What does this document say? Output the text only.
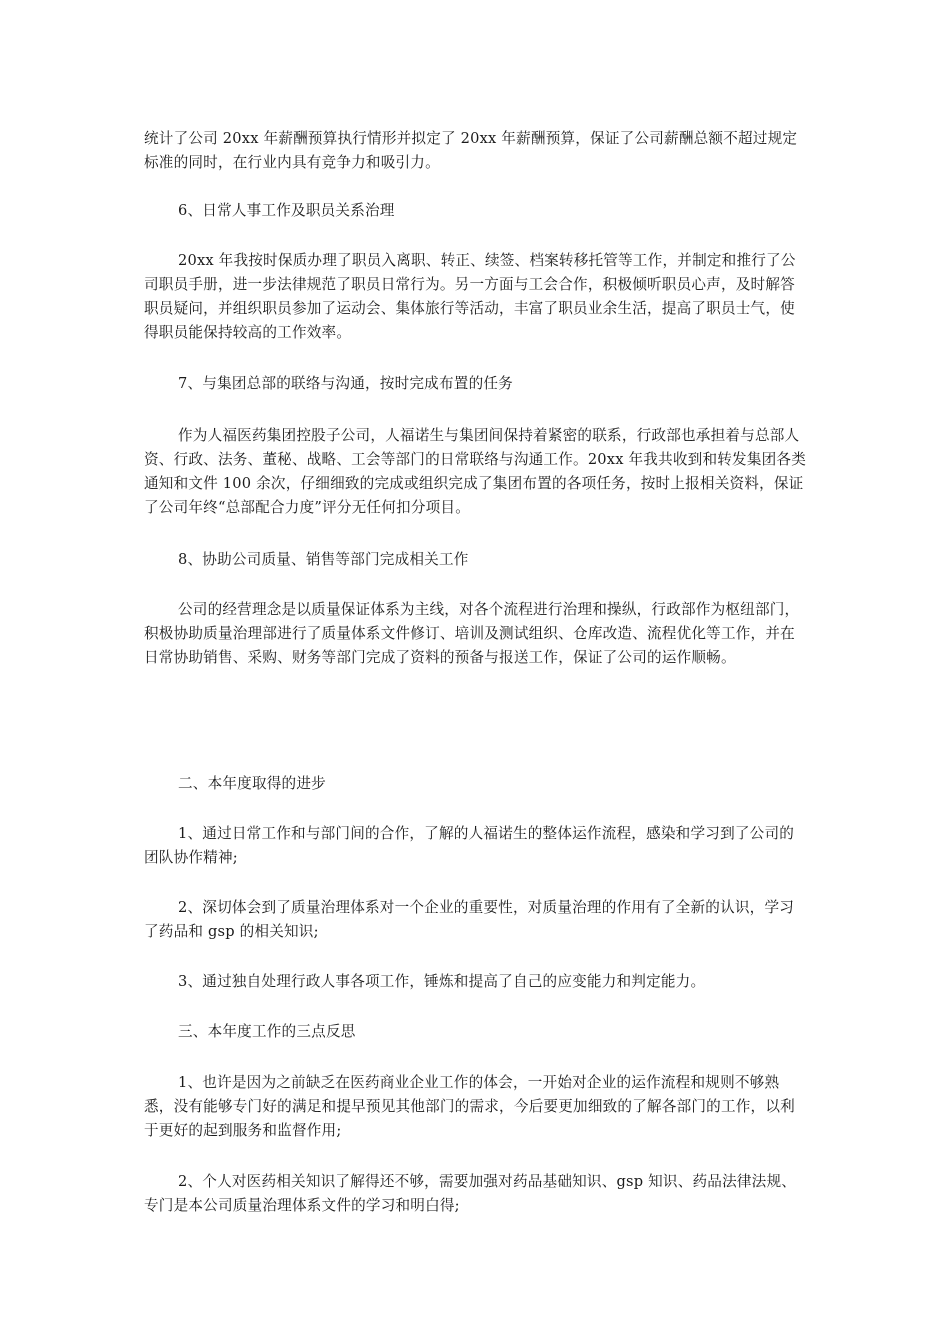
统计了公司 20xx 年薪酬预算执行情形并拟定了 20xx 年薪酬预算，保证了公司薪酬总额不超过规定标准的同时，在行业内具有竞争力和吸引力。

6、日常人事工作及职员关系治理

20xx 年我按时保质办理了职员入离职、转正、续签、档案转移托管等工作，并制定和推行了公司职员手册，进一步法律规范了职员日常行为。另一方面与工会合作，积极倾听职员心声，及时解答职员疑问，并组织职员参加了运动会、集体旅行等活动，丰富了职员业余生活，提高了职员士气，使得职员能保持较高的工作效率。

7、与集团总部的联络与沟通，按时完成布置的任务

作为人福医药集团控股子公司，人福诺生与集团间保持着紧密的联系，行政部也承担着与总部人资、行政、法务、董秘、战略、工会等部门的日常联络与沟通工作。20xx 年我共收到和转发集团各类通知和文件 100 余次，仔细细致的完成或组织完成了集团布置的各项任务，按时上报相关资料，保证了公司年终“总部配合力度”评分无任何扣分项目。

8、协助公司质量、销售等部门完成相关工作

公司的经营理念是以质量保证体系为主线，对各个流程进行治理和操纵，行政部作为枢纽部门，积极协助质量治理部进行了质量体系文件修订、培训及测试组织、仓库改造、流程优化等工作，并在日常协助销售、采购、财务等部门完成了资料的预备与报送工作，保证了公司的运作顺畅。

二、本年度取得的进步

1、通过日常工作和与部门间的合作，了解的人福诺生的整体运作流程，感染和学习到了公司的团队协作精神;

2、深切体会到了质量治理体系对一个企业的重要性，对质量治理的作用有了全新的认识，学习了药品和 gsp 的相关知识;

3、通过独自处理行政人事各项工作，锤炼和提高了自己的应变能力和判定能力。

三、本年度工作的三点反思

1、也许是因为之前缺乏在医药商业企业工作的体会，一开始对企业的运作流程和规则不够熟悉，没有能够专门好的满足和提早预见其他部门的需求，今后要更加细致的了解各部门的工作，以利于更好的起到服务和监督作用;

2、个人对医药相关知识了解得还不够，需要加强对药品基础知识、gsp 知识、药品法律法规、专门是本公司质量治理体系文件的学习和明白得;
